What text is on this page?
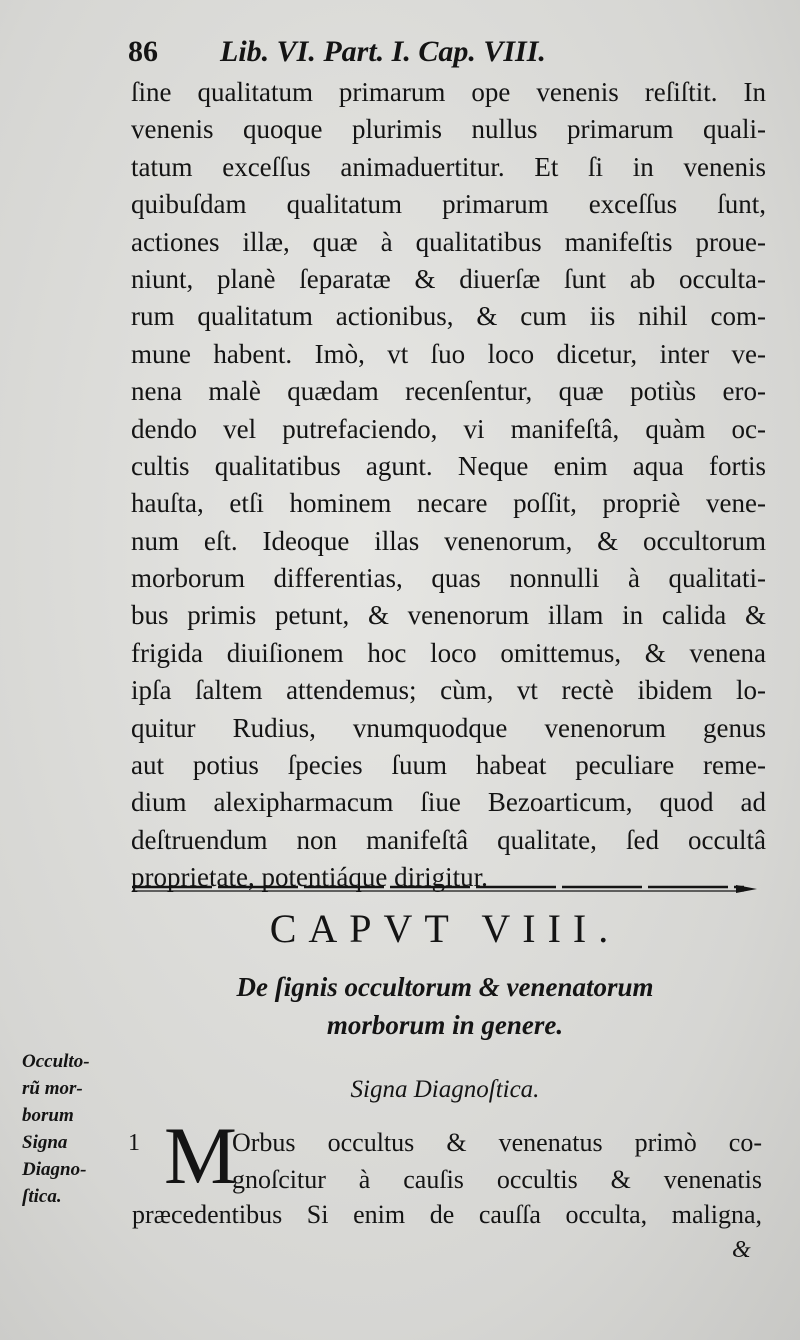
86 Lib. VI. Part. I. Cap. VIII.
ſine qualitatum primarum ope venenis reſiſtit. In
venenis quoque plurimis nullus primarum quali-
tatum exceſſus animaduertitur. Et ſi in venenis
quibuſdam qualitatum primarum exceſſus ſunt,
actiones illæ, quæ à qualitatibus manifeſtis proue-
niunt, planè ſeparatæ & diuerſæ ſunt ab occulta-
rum qualitatum actionibus, & cum iis nihil com-
mune habent. Imò, vt ſuo loco dicetur, inter ve-
nena malè quædam recenſentur, quæ potiùs ero-
dendo vel putrefaciendo, vi manifeſtâ, quàm oc-
cultis qualitatibus agunt. Neque enim aqua fortis
hauſta, etſi hominem necare poſſit, propriè vene-
num eſt. Ideoque illas venenorum, & occultorum
morborum differentias, quas nonnulli à qualitati-
bus primis petunt, & venenorum illam in calida &
frigida diuiſionem hoc loco omittemus, & venena
ipſa ſaltem attendemus; cùm, vt rectè ibidem lo-
quitur Rudius, vnumquodque venenorum genus
aut potius ſpecies ſuum habeat peculiare reme-
dium alexipharmacum ſiue Bezoarticum, quod ad
deſtruendum non manifeſtâ qualitate, ſed occultâ
proprietate, potentiáque dirigitur.
CAPVT VIII.
De ſignis occultorum & venenatorum
morborum in genere.
Signa Diagnoſtica.
1 M
Orbus occultus & venenatus primò co-
gnoſcitur à cauſis occultis & venenatis
præcedentibus Si enim de cauſſa occulta, maligna,
&
Occulto-
rũ mor-
borum
Signa
Diagno-
ſtica.
